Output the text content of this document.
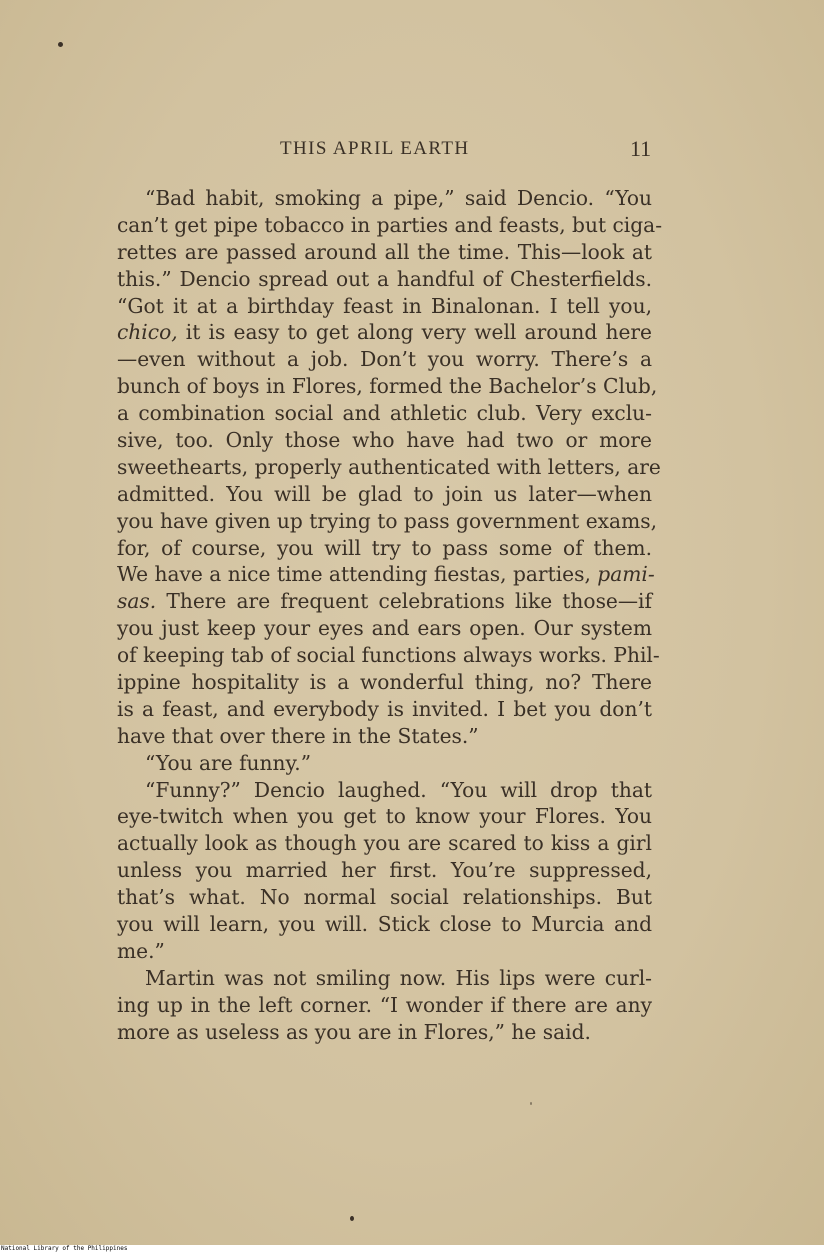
THIS APRIL EARTH	11
“Bad habit, smoking a pipe,” said Dencio. “You
can’t get pipe tobacco in parties and feasts, but ciga-
rettes are passed around all the time. This—look at
this.” Dencio spread out a handful of Chesterfields.
“Got it at a birthday feast in Binalonan. I tell you,
chico, it is easy to get along very well around here
—even without a job. Don’t you worry. There’s a
bunch of boys in Flores, formed the Bachelor’s Club,
a combination social and athletic club. Very exclu-
sive, too. Only those who have had two or more
sweethearts, properly authenticated with letters, are
admitted. You will be glad to join us later—when
you have given up trying to pass government exams,
for, of course, you will try to pass some of them.
We have a nice time attending fiestas, parties, pami-
sas. There are frequent celebrations like those—if
you just keep your eyes and ears open. Our system
of keeping tab of social functions always works. Phil-
ippine hospitality is a wonderful thing, no? There
is a feast, and everybody is invited. I bet you don’t
have that over there in the States.”
“You are funny.”
“Funny?” Dencio laughed. “You will drop that
eye-twitch when you get to know your Flores. You
actually look as though you are scared to kiss a girl
unless you married her first. You’re suppressed,
that’s what. No normal social relationships. But
you will learn, you will. Stick close to Murcia and
me.”
Martin was not smiling now. His lips were curl-
ing up in the left corner. “I wonder if there are any
more as useless as you are in Flores,” he said.
National Library of the Philippines
